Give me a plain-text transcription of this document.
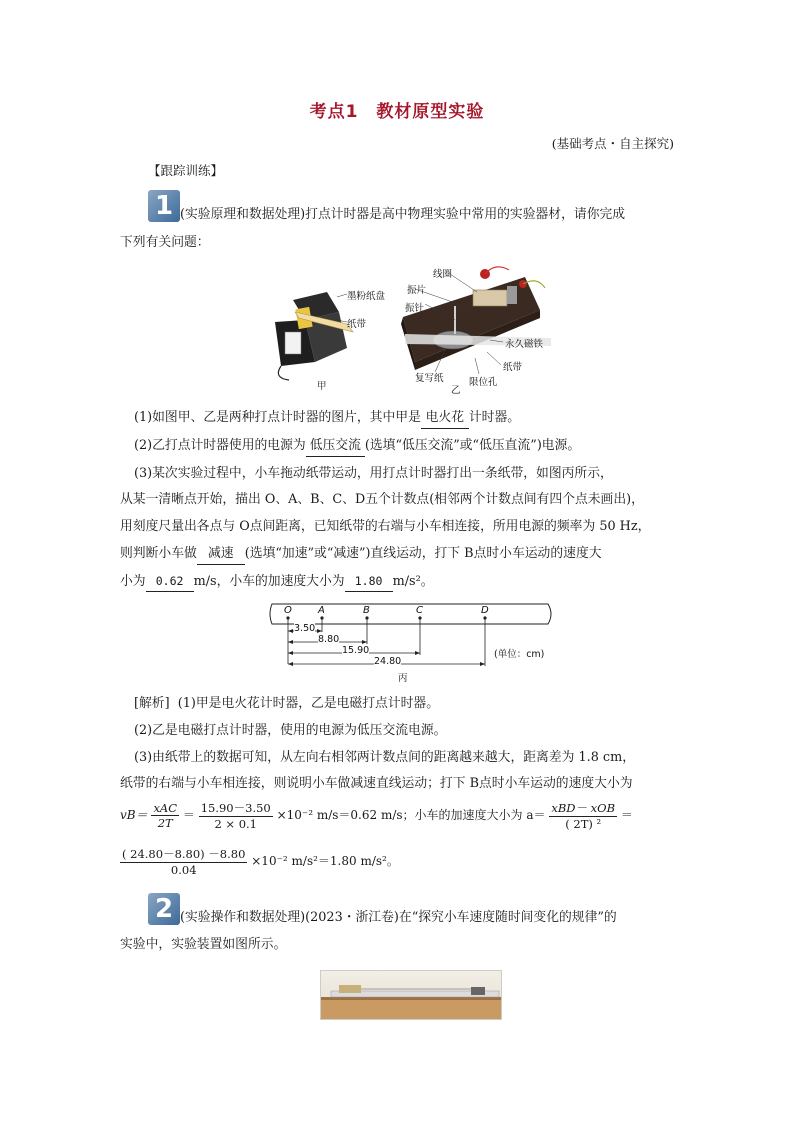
考点1　教材原型实验
(基础考点・自主探究)
【跟踪训练】
1 (实验原理和数据处理)打点计时器是高中物理实验中常用的实验器材，请你完成
下列有关问题：
墨粉纸盘
纸带
甲
线圈
振片
振针
永久磁铁
纸带
限位孔
复写纸
乙
(1)如图甲、乙是两种打点计时器的图片，其中甲是 电火花 计时器。
(2)乙打点计时器使用的电源为 低压交流 (选填“低压交流”或“低压直流”)电源。
(3)某次实验过程中，小车拖动纸带运动，用打点计时器打出一条纸带，如图丙所示，
从某一清晰点开始，描出 O、A、B、C、D五个计数点(相邻两个计数点间有四个点未画出)，
用刻度尺量出各点与 O点间距离，已知纸带的右端与小车相连接，所用电源的频率为 50 Hz，
则判断小车做 减速 (选填“加速”或“减速”)直线运动，打下 B点时小车运动的速度大
小为 0.62 m/s，小车的加速度大小为 1.80 m/s²。
O	A	B	C	D
3.50
8.80
15.90
24.80
(单位：cm)
丙
[解析] (1)甲是电火花计时器，乙是电磁打点计时器。
(2)乙是电磁打点计时器，使用的电源为低压交流电源。
(3)由纸带上的数据可知，从左向右相邻两计数点间的距离越来越大，距离差为 1.8 cm，
纸带的右端与小车相连接，则说明小车做减速直线运动；打下 B点时小车运动的速度大小为
$vB= \frac{\text{xAC}}{2T} = \frac{15.90-3.50}{2 \times 0.1} \times 10^{-2}$ m/s＝0.62 m/s；小车的加速度大小为 $a= \frac{\text{xBD－ xOB}}{\text{( 2T) ²}}$ ＝
$\frac{( 24.80-8.80) -8.80}{0.04} \times 10^{-2}$ m/s²＝1.80 m/s²。
2 (实验操作和数据处理)(2023・浙江卷)在“探究小车速度随时间变化的规律”的
实验中，实验装置如图所示。
